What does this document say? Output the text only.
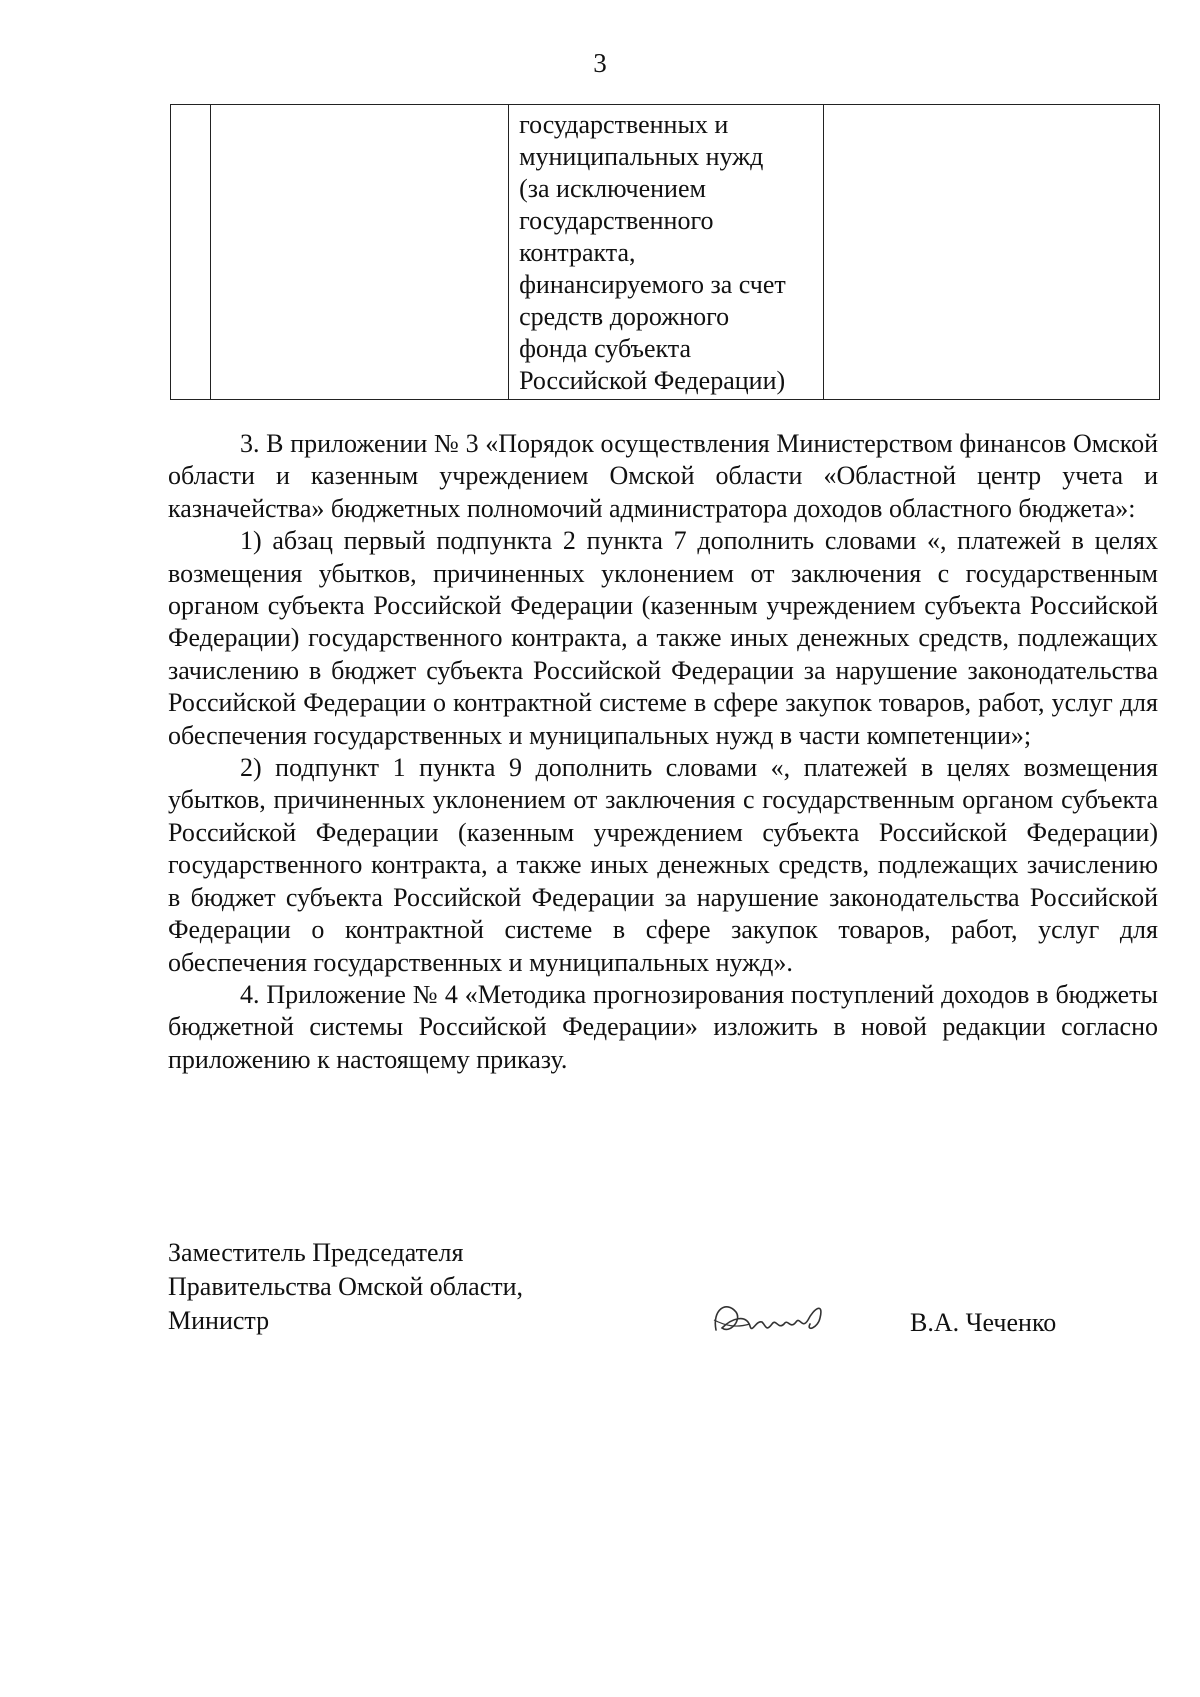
3

государственных и
муниципальных нужд
(за исключением
государственного
контракта,
финансируемого за счет
средств дорожного
фонда субъекта
Российской Федерации)

3. В приложении № 3 «Порядок осуществления Министерством финансов Омской области и казенным учреждением Омской области «Областной центр учета и казначейства» бюджетных полномочий администратора доходов областного бюджета»:

1) абзац первый подпункта 2 пункта 7 дополнить словами «, платежей в целях возмещения убытков, причиненных уклонением от заключения с государственным органом субъекта Российской Федерации (казенным учреждением субъекта Российской Федерации) государственного контракта, а также иных денежных средств, подлежащих зачислению в бюджет субъекта Российской Федерации за нарушение законодательства Российской Федерации о контрактной системе в сфере закупок товаров, работ, услуг для обеспечения государственных и муниципальных нужд в части компетенции»;

2) подпункт 1 пункта 9 дополнить словами «, платежей в целях возмещения убытков, причиненных уклонением от заключения с государственным органом субъекта Российской Федерации (казенным учреждением субъекта Российской Федерации) государственного контракта, а также иных денежных средств, подлежащих зачислению в бюджет субъекта Российской Федерации за нарушение законодательства Российской Федерации о контрактной системе в сфере закупок товаров, работ, услуг для обеспечения государственных и муниципальных нужд».

4. Приложение № 4 «Методика прогнозирования поступлений доходов в бюджеты бюджетной системы Российской Федерации» изложить в новой редакции согласно приложению к настоящему приказу.

Заместитель Председателя
Правительства Омской области,
Министр	В.А. Чеченко
